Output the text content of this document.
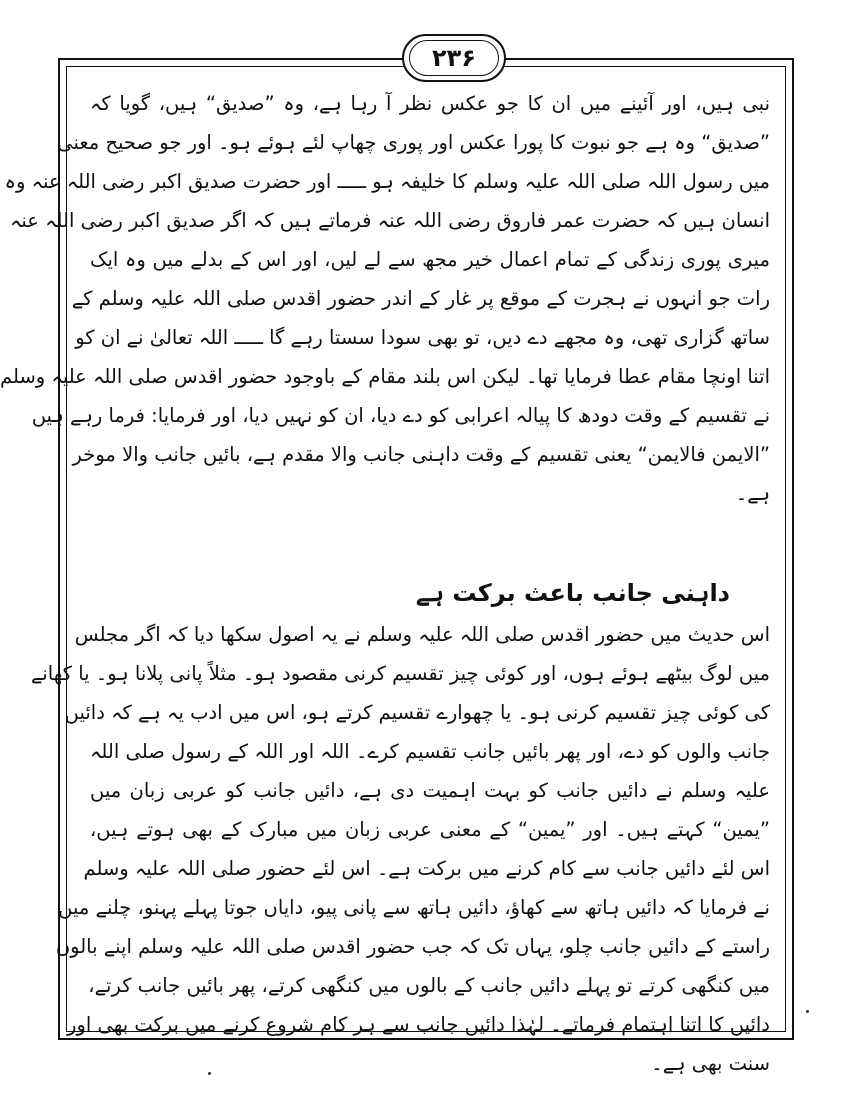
۲۳۶
نبی ہیں، اور آئینے میں ان کا جو عکس نظر آ رہا ہے، وہ ”صدیق“ ہیں، گویا کہ
”صدیق“ وہ ہے جو نبوت کا پورا عکس اور پوری چھاپ لئے ہوئے ہو۔ اور جو صحیح معنی
میں رسول اللہ صلی اللہ علیہ وسلم کا خلیفہ ہو ـــــ اور حضرت صدیق اکبر رضی اللہ عنہ وہ
انسان ہیں کہ حضرت عمر فاروق رضی اللہ عنہ فرماتے ہیں کہ اگر صدیق اکبر رضی اللہ عنہ
میری پوری زندگی کے تمام اعمال خیر مجھ سے لے لیں، اور اس کے بدلے میں وہ ایک
رات جو انہوں نے ہجرت کے موقع پر غار کے اندر حضور اقدس صلی اللہ علیہ وسلم کے
ساتھ گزاری تھی، وہ مجھے دے دیں، تو بھی سودا سستا رہے گا ـــــ اللہ تعالیٰ نے ان کو
اتنا اونچا مقام عطا فرمایا تھا۔ لیکن اس بلند مقام کے باوجود حضور اقدس صلی اللہ علیہ وسلم
نے تقسیم کے وقت دودھ کا پیالہ اعرابی کو دے دیا، ان کو نہیں دیا، اور فرمایا: فرما رہے ہیں
”الایمن فالایمن“ یعنی تقسیم کے وقت داہنی جانب والا مقدم ہے، بائیں جانب والا موخر
ہے۔
داہنی جانب باعث برکت ہے
اس حدیث میں حضور اقدس صلی اللہ علیہ وسلم نے یہ اصول سکھا دیا کہ اگر مجلس
میں لوگ بیٹھے ہوئے ہوں، اور کوئی چیز تقسیم کرنی مقصود ہو۔ مثلاً پانی پلانا ہو۔ یا کھانے
کی کوئی چیز تقسیم کرنی ہو۔ یا چھوارے تقسیم کرتے ہو، اس میں ادب یہ ہے کہ دائیں
جانب والوں کو دے، اور پھر بائیں جانب تقسیم کرے۔ اللہ اور اللہ کے رسول صلی اللہ
علیہ وسلم نے دائیں جانب کو بہت اہمیت دی ہے، دائیں جانب کو عربی زبان میں
”یمین“ کہتے ہیں۔ اور ”یمین“ کے معنی عربی زبان میں مبارک کے بھی ہوتے ہیں،
اس لئے دائیں جانب سے کام کرنے میں برکت ہے۔ اس لئے حضور صلی اللہ علیہ وسلم
نے فرمایا کہ دائیں ہاتھ سے کھاؤ، دائیں ہاتھ سے پانی پیو، دایاں جوتا پہلے پہنو، چلنے میں
راستے کے دائیں جانب چلو، یہاں تک کہ جب حضور اقدس صلی اللہ علیہ وسلم اپنے بالوں
میں کنگھی کرتے تو پہلے دائیں جانب کے بالوں میں کنگھی کرتے، پھر بائیں جانب کرتے،
دائیں کا اتنا اہتمام فرماتے۔ لہٰذا دائیں جانب سے ہر کام شروع کرنے میں برکت بھی اور
سنت بھی ہے۔
